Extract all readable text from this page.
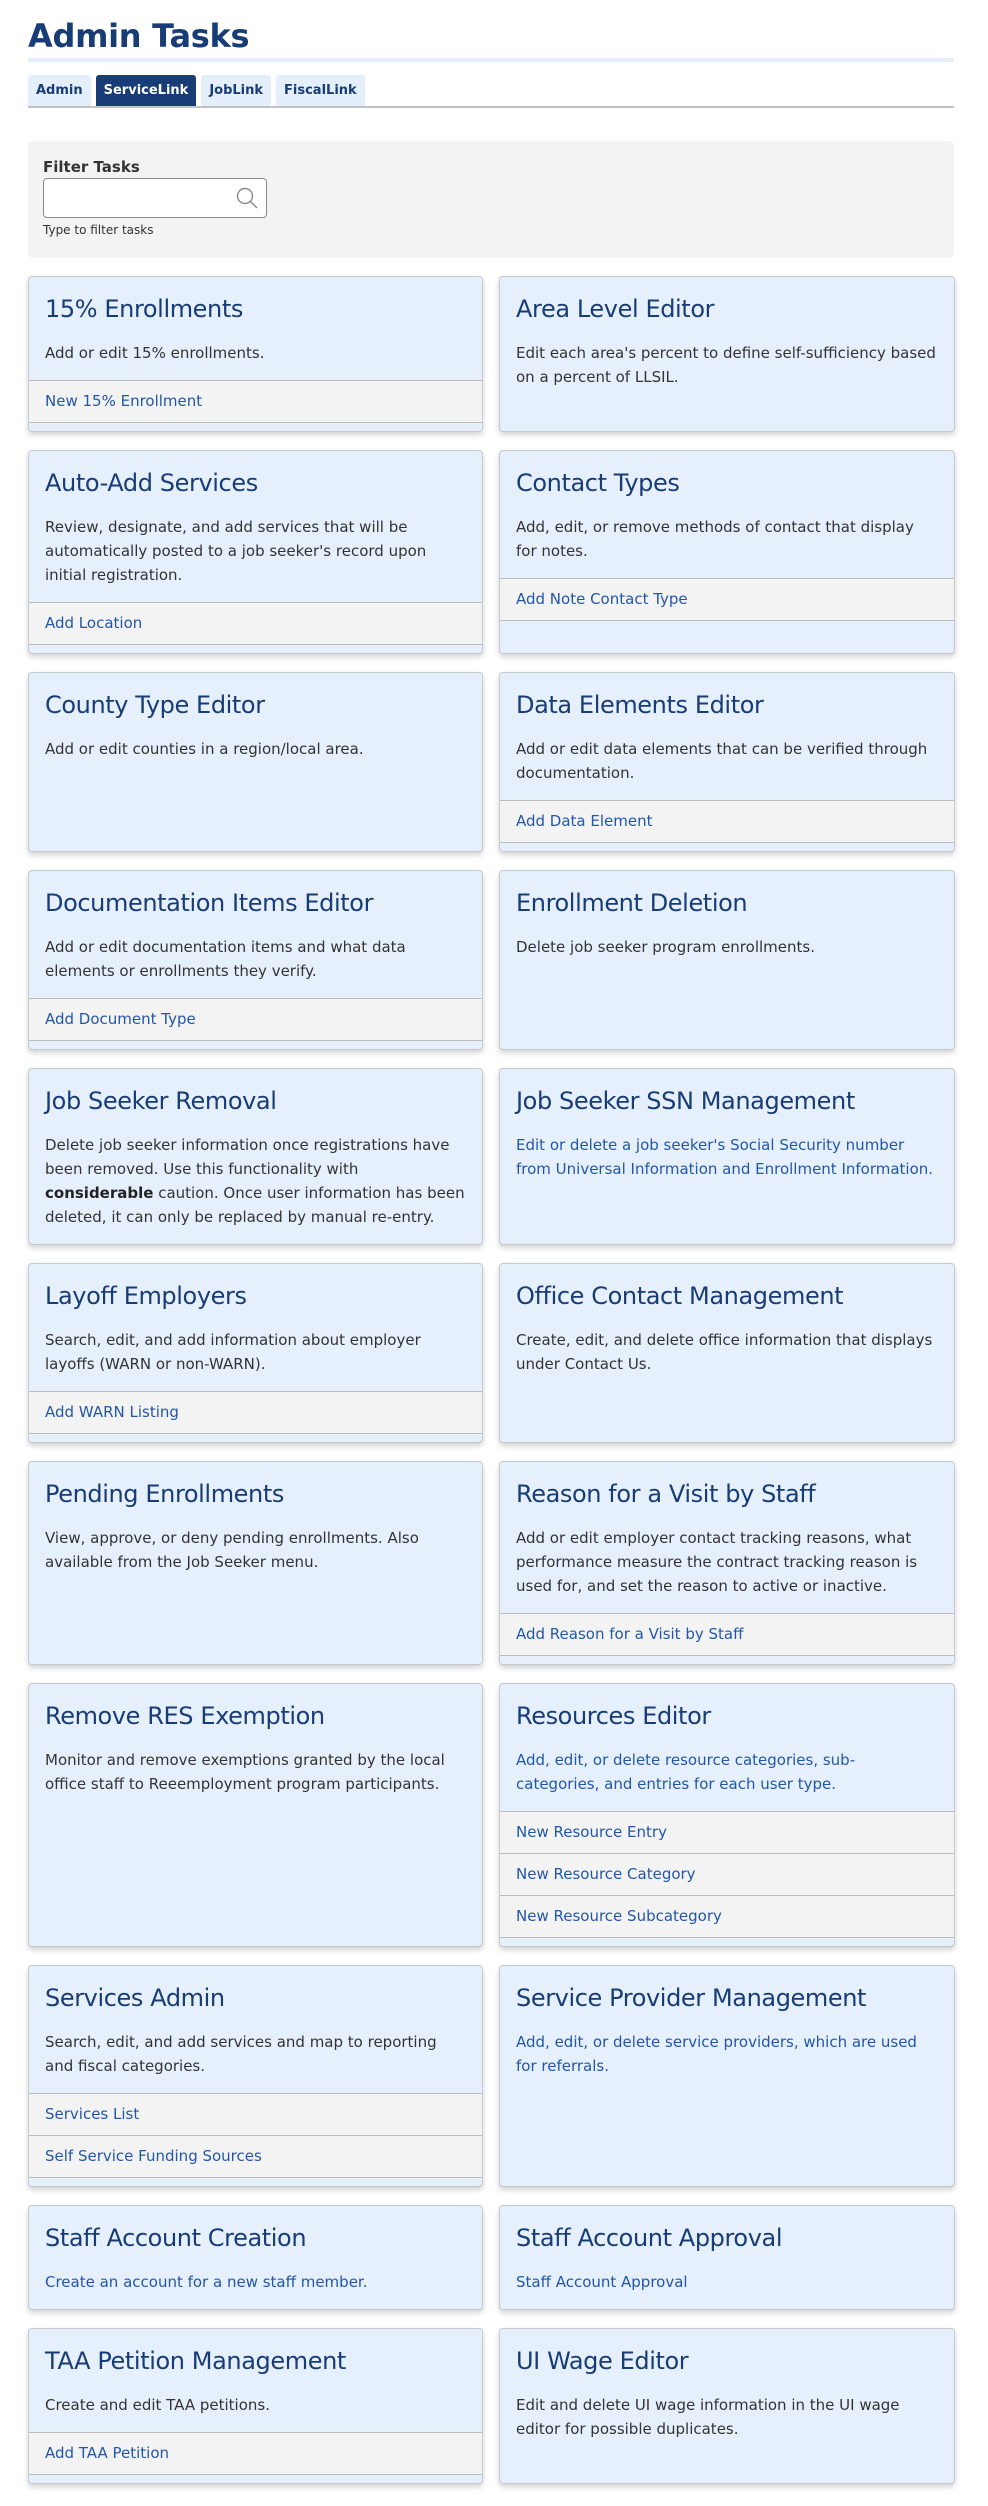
Admin Tasks
Admin	ServiceLink	JobLink	FiscalLink
Filter Tasks
Type to filter tasks
15% Enrollments

Add or edit 15% enrollments.

New 15% Enrollment
Area Level Editor

Edit each area's percent to define self-sufficiency based on a percent of LLSIL.

Auto-Add Services

Review, designate, and add services that will be automatically posted to a job seeker's record upon initial registration.

Add Location
Contact Types

Add, edit, or remove methods of contact that display for notes.

Add Note Contact Type
County Type Editor

Add or edit counties in a region/local area.

Data Elements Editor

Add or edit data elements that can be verified through documentation.

Add Data Element
Documentation Items Editor

Add or edit documentation items and what data elements or enrollments they verify.

Add Document Type
Enrollment Deletion

Delete job seeker program enrollments.

Job Seeker Removal

Delete job seeker information once registrations have been removed. Use this functionality with considerable caution. Once user information has been deleted, it can only be replaced by manual re-entry.

Job Seeker SSN Management

Edit or delete a job seeker's Social Security number from Universal Information and Enrollment Information.

Layoff Employers

Search, edit, and add information about employer layoffs (WARN or non-WARN).

Add WARN Listing
Office Contact Management

Create, edit, and delete office information that displays under Contact Us.

Pending Enrollments

View, approve, or deny pending enrollments. Also available from the Job Seeker menu.

Reason for a Visit by Staff

Add or edit employer contact tracking reasons, what performance measure the contract tracking reason is used for, and set the reason to active or inactive.

Add Reason for a Visit by Staff
Remove RES Exemption

Monitor and remove exemptions granted by the local office staff to Reeemployment program participants.

Resources Editor

Add, edit, or delete resource categories, sub-categories, and entries for each user type.

New Resource Entry
New Resource Category
New Resource Subcategory
Services Admin

Search, edit, and add services and map to reporting and fiscal categories.

Services List
Self Service Funding Sources
Service Provider Management

Add, edit, or delete service providers, which are used for referrals.

Staff Account Creation

Create an account for a new staff member.

Staff Account Approval

Staff Account Approval

TAA Petition Management

Create and edit TAA petitions.

Add TAA Petition
UI Wage Editor

Edit and delete UI wage information in the UI wage editor for possible duplicates.
